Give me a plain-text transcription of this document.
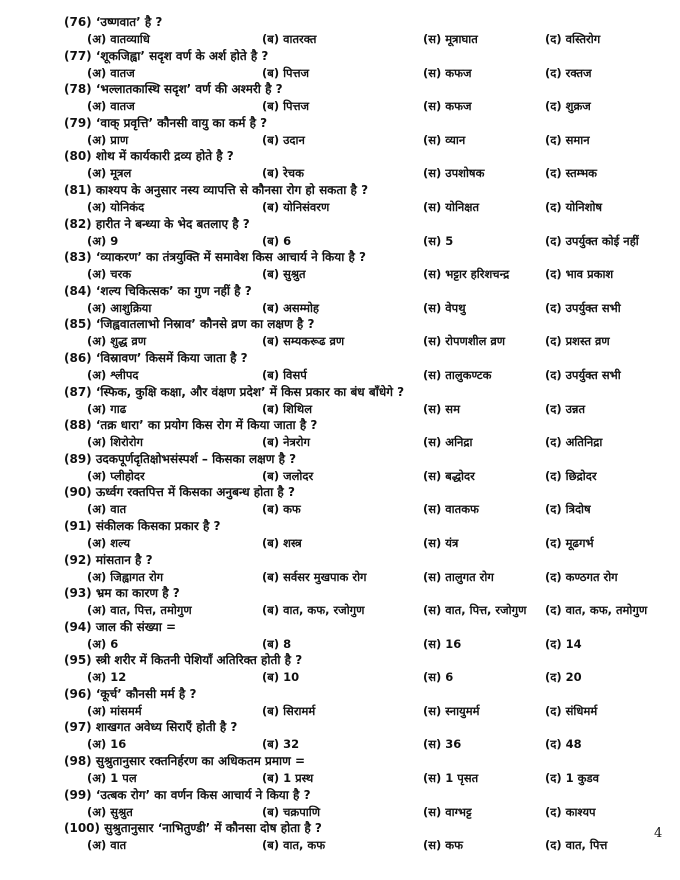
(76) ‘उष्णवात’ है ?
(अ) वातव्याधि	(ब) वातरक्त	(स) मूत्राघात	(द) वस्तिरोग
(77) ‘शूकजिह्वा’ सदृश वर्ण के अर्श होते है ?
(अ) वातज	(ब) पित्तज	(स) कफज	(द) रक्तज
(78) ‘भल्लातकास्थि सदृश’ वर्ण की अश्मरी है ?
(अ) वातज	(ब) पित्तज	(स) कफज	(द) शुक्रज
(79) ‘वाक् प्रवृत्ति’ कौनसी वायु का कर्म है ?
(अ) प्राण	(ब) उदान	(स) व्यान	(द) समान
(80) शोथ में कार्यकारी द्रव्य होते है ?
(अ) मूत्रल	(ब) रेचक	(स) उपशोषक	(द) स्तम्भक
(81) काश्यप के अनुसार नस्य व्यापत्ति से कौनसा रोग हो सकता है ?
(अ) योनिकंद	(ब) योनिसंवरण	(स) योनिक्षत	(द) योनिशोष
(82) हारीत ने बन्ध्या के भेद बतलाए है ?
(अ) 9	(ब) 6	(स) 5	(द) उपर्युक्त कोई नहीं
(83) ‘व्याकरण’ का तंत्रयुक्ति में समावेश किस आचार्य ने किया है ?
(अ) चरक	(ब) सुश्रुत	(स) भट्टार हरिशचन्द्र	(द) भाव प्रकाश
(84) ‘शल्य चिकित्सक’ का गुण नहीं है ?
(अ) आशुक्रिया	(ब) असम्मोह	(स) वेपथु	(द) उपर्युक्त सभी
(85) ‘जिह्ववातलाभो निस्राव’ कौनसे व्रण का लक्षण है ?
(अ) शुद्ध व्रण	(ब) सम्यकरूढ व्रण	(स) रोपणशील व्रण	(द) प्रशस्त व्रण
(86) ‘विस्रावण’ किसमें किया जाता है ?
(अ) श्लीपद	(ब) विसर्प	(स) तालुकण्टक	(द) उपर्युक्त सभी
(87) ‘स्फिक, कुक्षि कक्षा, और वंक्षण प्रदेश’ में किस प्रकार का बंध बाँधेगे ?
(अ) गाढ	(ब) शिथिल	(स) सम	(द) उन्नत
(88) ‘तक्र धारा’ का प्रयोग किस रोग में किया जाता है ?
(अ) शिरोरोग	(ब) नेत्ररोग	(स) अनिद्रा	(द) अतिनिद्रा
(89) उदकपूर्णदृतिक्षोभसंस्पर्श – किसका लक्षण है ?
(अ) प्लीहोदर	(ब) जलोदर	(स) बद्धोदर	(द) छिद्रोदर
(90) ऊर्ध्वग रक्तपित्त में किसका अनुबन्ध होता है ?
(अ) वात	(ब) कफ	(स) वातकफ	(द) त्रिदोष
(91) संकीलक किसका प्रकार है ?
(अ) शल्य	(ब) शस्त्र	(स) यंत्र	(द) मूढगर्भ
(92) मांसतान है ?
(अ) जिह्वागत रोग	(ब) सर्वसर मुखपाक रोग	(स) तालुगत रोग	(द) कण्ठगत रोग
(93) भ्रम का कारण है ?
(अ) वात, पित्त, तमोगुण	(ब) वात, कफ, रजोगुण	(स) वात, पित्त, रजोगुण (द) वात, कफ, तमोगुण
(94) जाल की संख्या =
(अ) 6	(ब) 8	(स) 16	(द) 14
(95) स्त्री शरीर में कितनी पेशियाँ अतिरिक्त होती है ?
(अ) 12	(ब) 10	(स) 6	(द) 20
(96) ‘कूर्च’ कौनसी मर्म है ?
(अ) मांसमर्म	(ब) सिरामर्म	(स) स्नायुमर्म	(द) संधिमर्म
(97) शाखगत अवेध्य सिराएँ होती है ?
(अ) 16	(ब) 32	(स) 36	(द) 48
(98) सुश्रुतानुसार रक्तनिर्हरण का अधिकतम प्रमाण =
(अ) 1 पल	(ब) 1 प्रस्थ	(स) 1 पृसत	(द) 1 कुडव
(99) ‘उत्बक रोग’ का वर्णन किस आचार्य ने किया है ?
(अ) सुश्रुत	(ब) चक्रपाणि	(स) वाग्भट्ट	(द) काश्यप
(100) सुश्रुतानुसार ‘नाभितुण्डी’ में कौनसा दोष होता है ?
(अ) वात	(ब) वात, कफ	(स) कफ	(द) वात, पित्त
4
